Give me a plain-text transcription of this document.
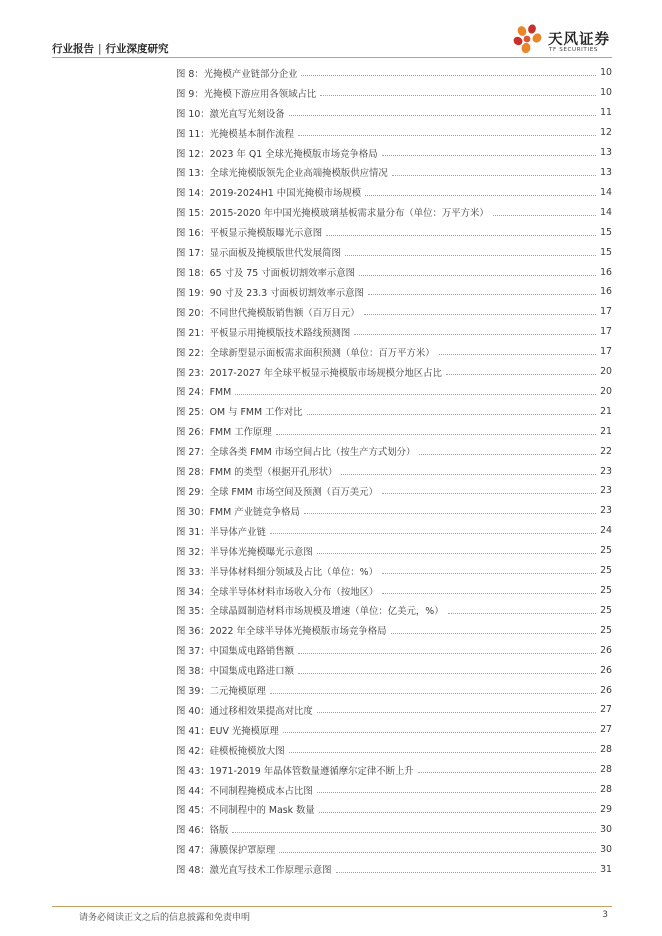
行业报告 | 行业深度研究
天风证券
TF SECURITIES
图 8：光掩模产业链部分企业	10
图 9：光掩模下游应用各领域占比	10
图 10：激光直写光刻设备	11
图 11：光掩模基本制作流程	12
图 12：2023 年 Q1 全球光掩模版市场竞争格局	13
图 13：全球光掩模版领先企业高端掩模版供应情况	13
图 14：2019-2024H1 中国光掩模市场规模	14
图 15：2015-2020 年中国光掩模玻璃基板需求量分布（单位：万平方米）	14
图 16：平板显示掩模版曝光示意图	15
图 17：显示面板及掩模版世代发展简图	15
图 18：65 寸及 75 寸面板切割效率示意图	16
图 19：90 寸及 23.3 寸面板切割效率示意图	16
图 20：不同世代掩模版销售额（百万日元）	17
图 21：平板显示用掩模版技术路线预测图	17
图 22：全球新型显示面板需求面积预测（单位：百万平方米）	17
图 23：2017-2027 年全球平板显示掩模版市场规模分地区占比	20
图 24：FMM	20
图 25：OM 与 FMM 工作对比	21
图 26：FMM 工作原理	21
图 27：全球各类 FMM 市场空间占比（按生产方式划分）	22
图 28：FMM 的类型（根据开孔形状）	23
图 29：全球 FMM 市场空间及预测（百万美元）	23
图 30：FMM 产业链竞争格局	23
图 31：半导体产业链	24
图 32：半导体光掩模曝光示意图	25
图 33：半导体材料细分领域及占比（单位：%）	25
图 34：全球半导体材料市场收入分布（按地区）	25
图 35：全球晶圆制造材料市场规模及增速（单位：亿美元，%）	25
图 36：2022 年全球半导体光掩模版市场竞争格局	25
图 37：中国集成电路销售额	26
图 38：中国集成电路进口额	26
图 39：二元掩模原理	26
图 40：通过移相效果提高对比度	27
图 41：EUV 光掩模原理	27
图 42：硅模板掩模放大图	28
图 43：1971-2019 年晶体管数量遵循摩尔定律不断上升	28
图 44：不同制程掩模成本占比图	28
图 45：不同制程中的 Mask 数量	29
图 46：铬版	30
图 47：薄膜保护罩原理	30
图 48：激光直写技术工作原理示意图	31
请务必阅读正文之后的信息披露和免责申明	3
